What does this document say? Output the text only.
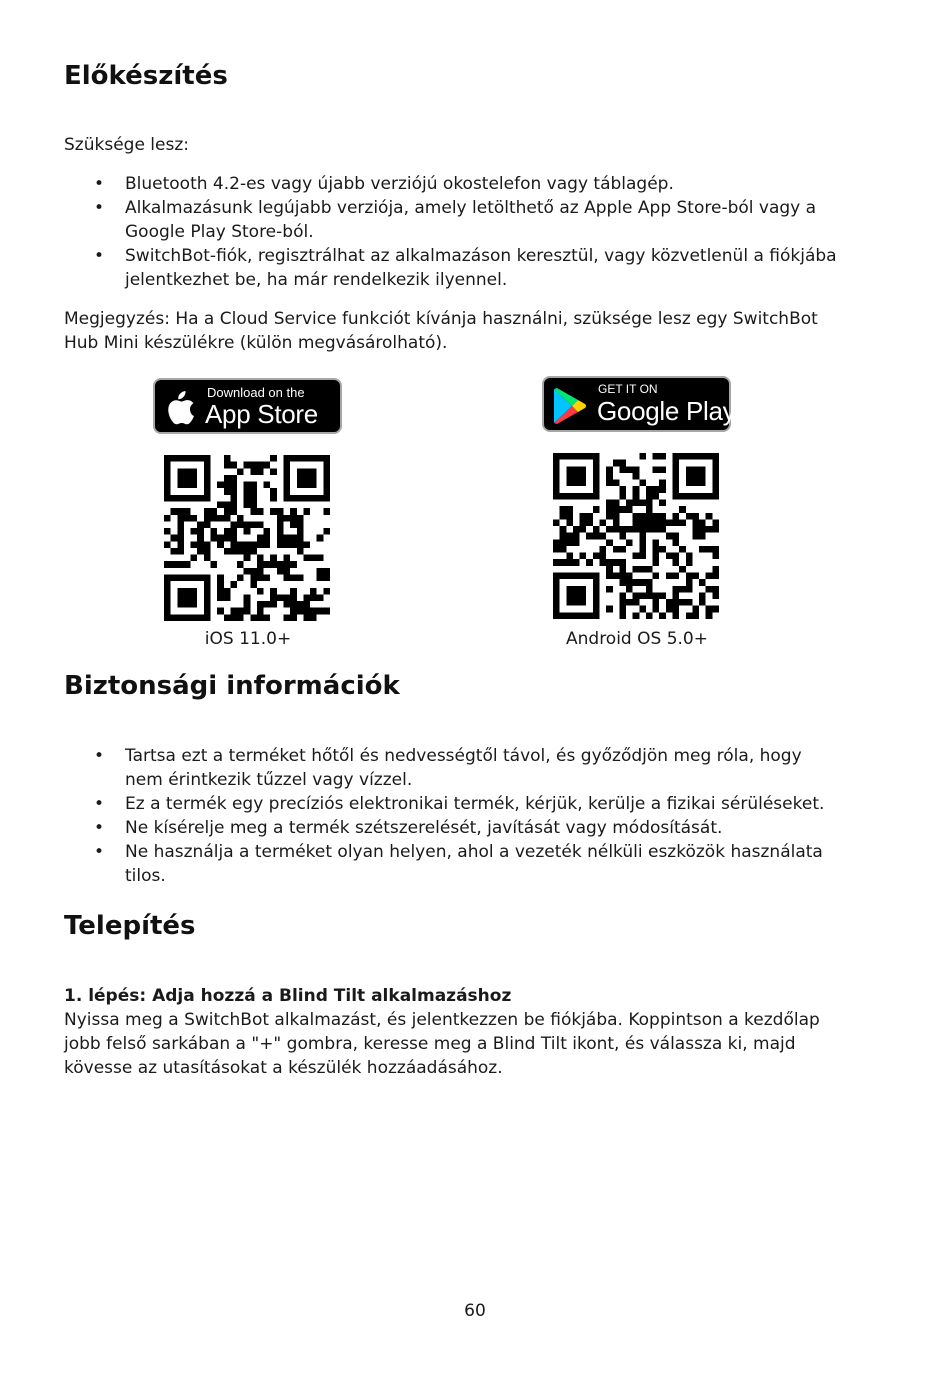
Előkészítés

Szüksége lesz:

• Bluetooth 4.2-es vagy újabb verziójú okostelefon vagy táblagép.
• Alkalmazásunk legújabb verziója, amely letölthető az Apple App Store-ból vagy a
Google Play Store-ból.
• SwitchBot-fiók, regisztrálhat az alkalmazáson keresztül, vagy közvetlenül a fiókjába
jelentkezhet be, ha már rendelkezik ilyennel.

Megjegyzés: Ha a Cloud Service funkciót kívánja használni, szüksége lesz egy SwitchBot
Hub Mini készülékre (külön megvásárolható).

Download on the
App Store
GET IT ON
Google Play
iOS 11.0+	Android OS 5.0+
Biztonsági információk
• Tartsa ezt a terméket hőtől és nedvességtől távol, és győződjön meg róla, hogy
nem érintkezik tűzzel vagy vízzel.
• Ez a termék egy precíziós elektronikai termék, kérjük, kerülje a fizikai sérüléseket.
• Ne kísérelje meg a termék szétszerelését, javítását vagy módosítását.
• Ne használja a terméket olyan helyen, ahol a vezeték nélküli eszközök használata
tilos.
Telepítés

1. lépés: Adja hozzá a Blind Tilt alkalmazáshoz
Nyissa meg a SwitchBot alkalmazást, és jelentkezzen be fiókjába. Koppintson a kezdőlap
jobb felső sarkában a "+" gombra, keresse meg a Blind Tilt ikont, és válassza ki, majd
kövesse az utasításokat a készülék hozzáadásához.

60
